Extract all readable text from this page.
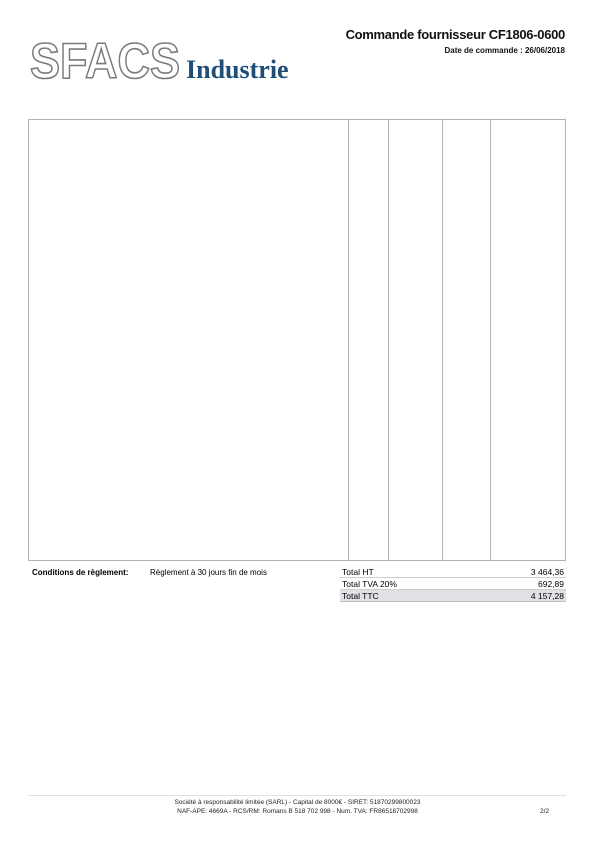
SFACS Industrie
Commande fournisseur CF1806-0600
Date de commande : 26/06/2018
Conditions de règlement:	Règlement à 30 jours fin de mois	Total HT	3 464,36
Total TVA 20%	692,89
Total TTC	4 157,28
Société à responsabilité limitée (SARL) - Capital de 8000€ - SIRET: 51870299800023
NAF-APE: 4669A - RCS/RM: Romans B 518 702 998 - Num. TVA: FR86518702998	2/2
